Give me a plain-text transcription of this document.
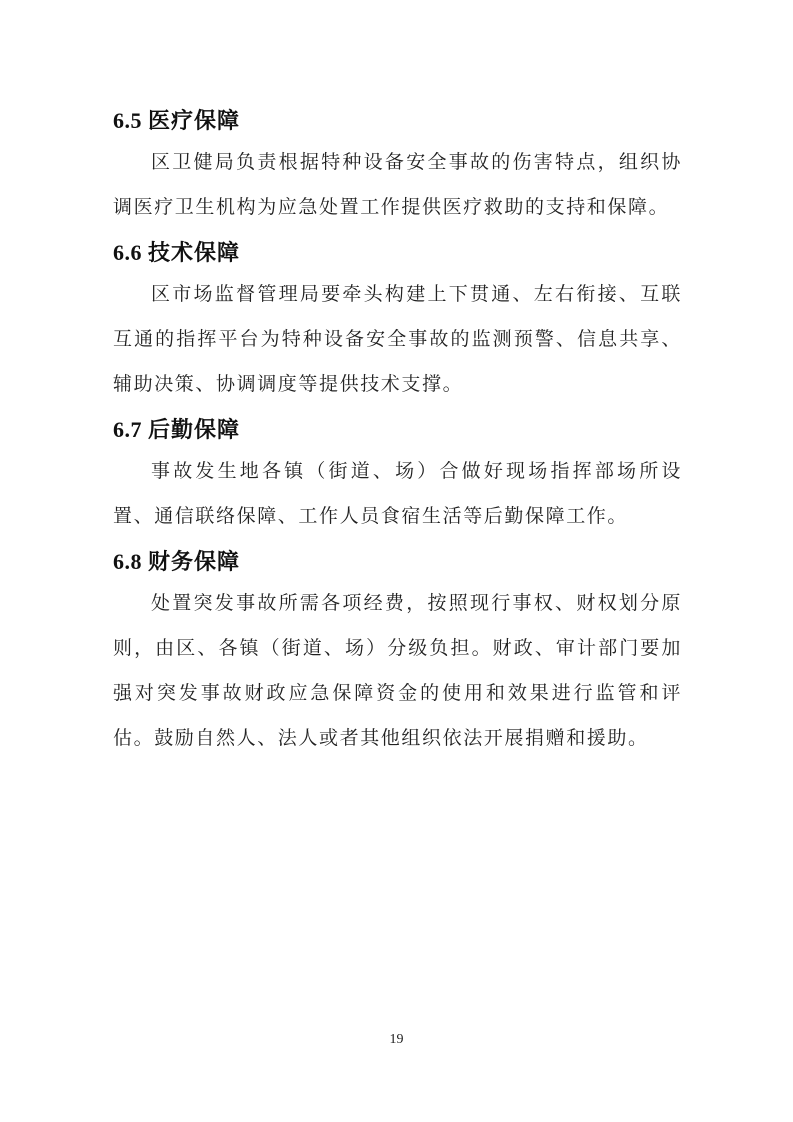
6.5 医疗保障

区卫健局负责根据特种设备安全事故的伤害特点，组织协调医疗卫生机构为应急处置工作提供医疗救助的支持和保障。

6.6 技术保障

区市场监督管理局要牵头构建上下贯通、左右衔接、互联互通的指挥平台为特种设备安全事故的监测预警、信息共享、辅助决策、协调调度等提供技术支撑。

6.7 后勤保障

事故发生地各镇（街道、场）合做好现场指挥部场所设置、通信联络保障、工作人员食宿生活等后勤保障工作。

6.8 财务保障

处置突发事故所需各项经费，按照现行事权、财权划分原则，由区、各镇（街道、场）分级负担。财政、审计部门要加强对突发事故财政应急保障资金的使用和效果进行监管和评估。鼓励自然人、法人或者其他组织依法开展捐赠和援助。

19
